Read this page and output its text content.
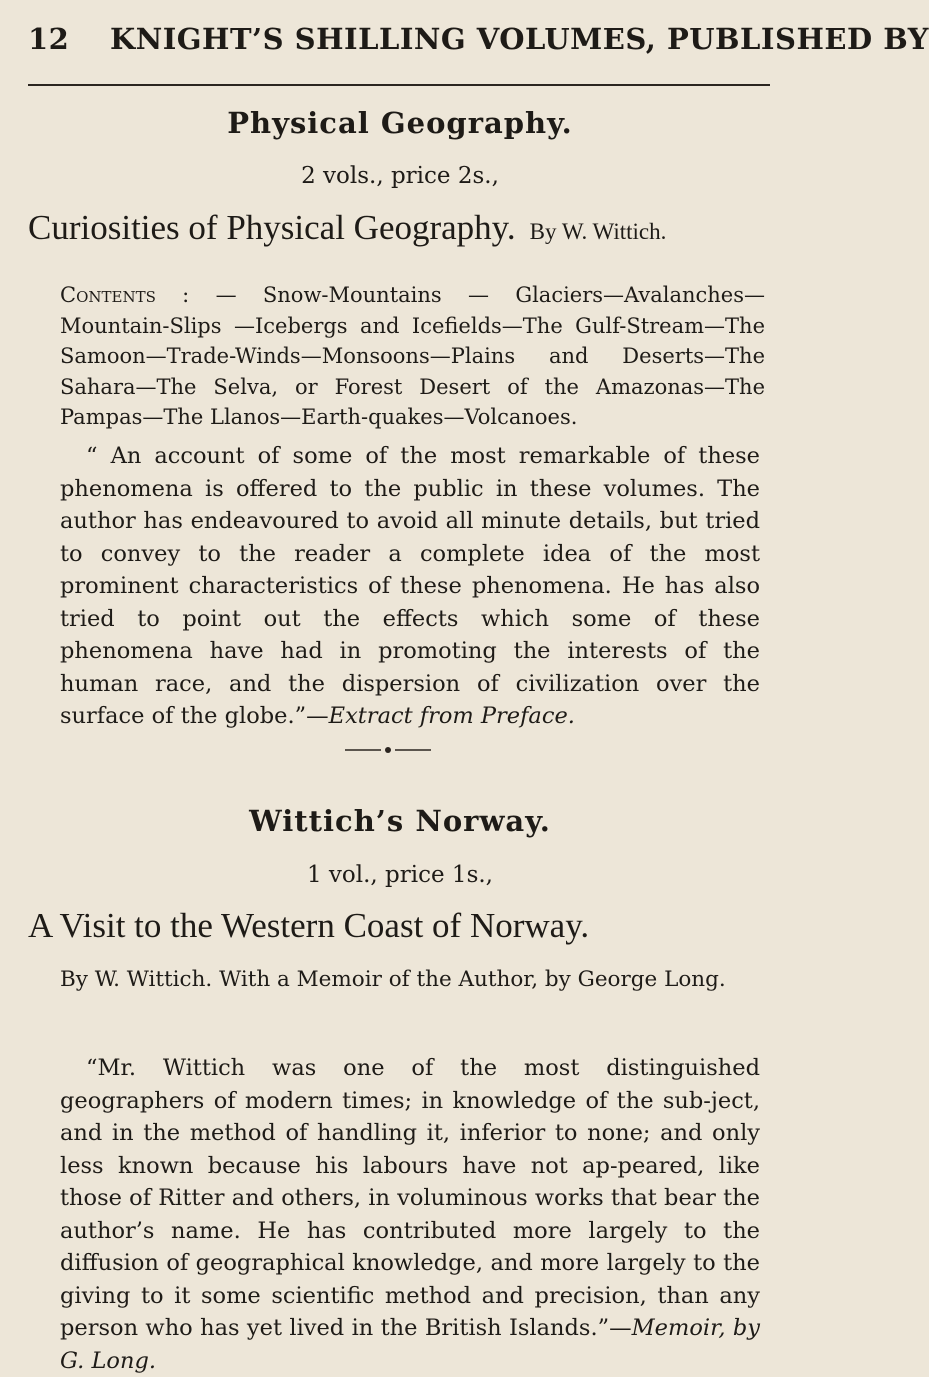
12 KNIGHT’S SHILLING VOLUMES, PUBLISHED BY
Physical Geography.
2 vols., price 2s.,
Curiosities of Physical Geography. By W. Wittich.

Contents : — Snow-Mountains — Glaciers—Avalanches—Mountain-Slips —Icebergs and Icefields—The Gulf-Stream—The Samoon—Trade-Winds—Monsoons—Plains and Deserts—The Sahara—The Selva, or Forest Desert of the Amazonas—The Pampas—The Llanos—Earth-quakes—Volcanoes.

“ An account of some of the most remarkable of these phenomena is offered to the public in these volumes. The author has endeavoured to avoid all minute details, but tried to convey to the reader a complete idea of the most prominent characteristics of these phenomena. He has also tried to point out the effects which some of these phenomena have had in promoting the interests of the human race, and the dispersion of civilization over the surface of the globe.”—Extract from Preface.

Wittich’s Norway.
1 vol., price 1s.,
A Visit to the Western Coast of Norway.

By W. Wittich. With a Memoir of the Author, by George Long.

“Mr. Wittich was one of the most distinguished geographers of modern times; in knowledge of the sub-ject, and in the method of handling it, inferior to none; and only less known because his labours have not ap-peared, like those of Ritter and others, in voluminous works that bear the author’s name. He has contributed more largely to the diffusion of geographical knowledge, and more largely to the giving to it some scientific method and precision, than any person who has yet lived in the British Islands.”—Memoir, by G. Long.
